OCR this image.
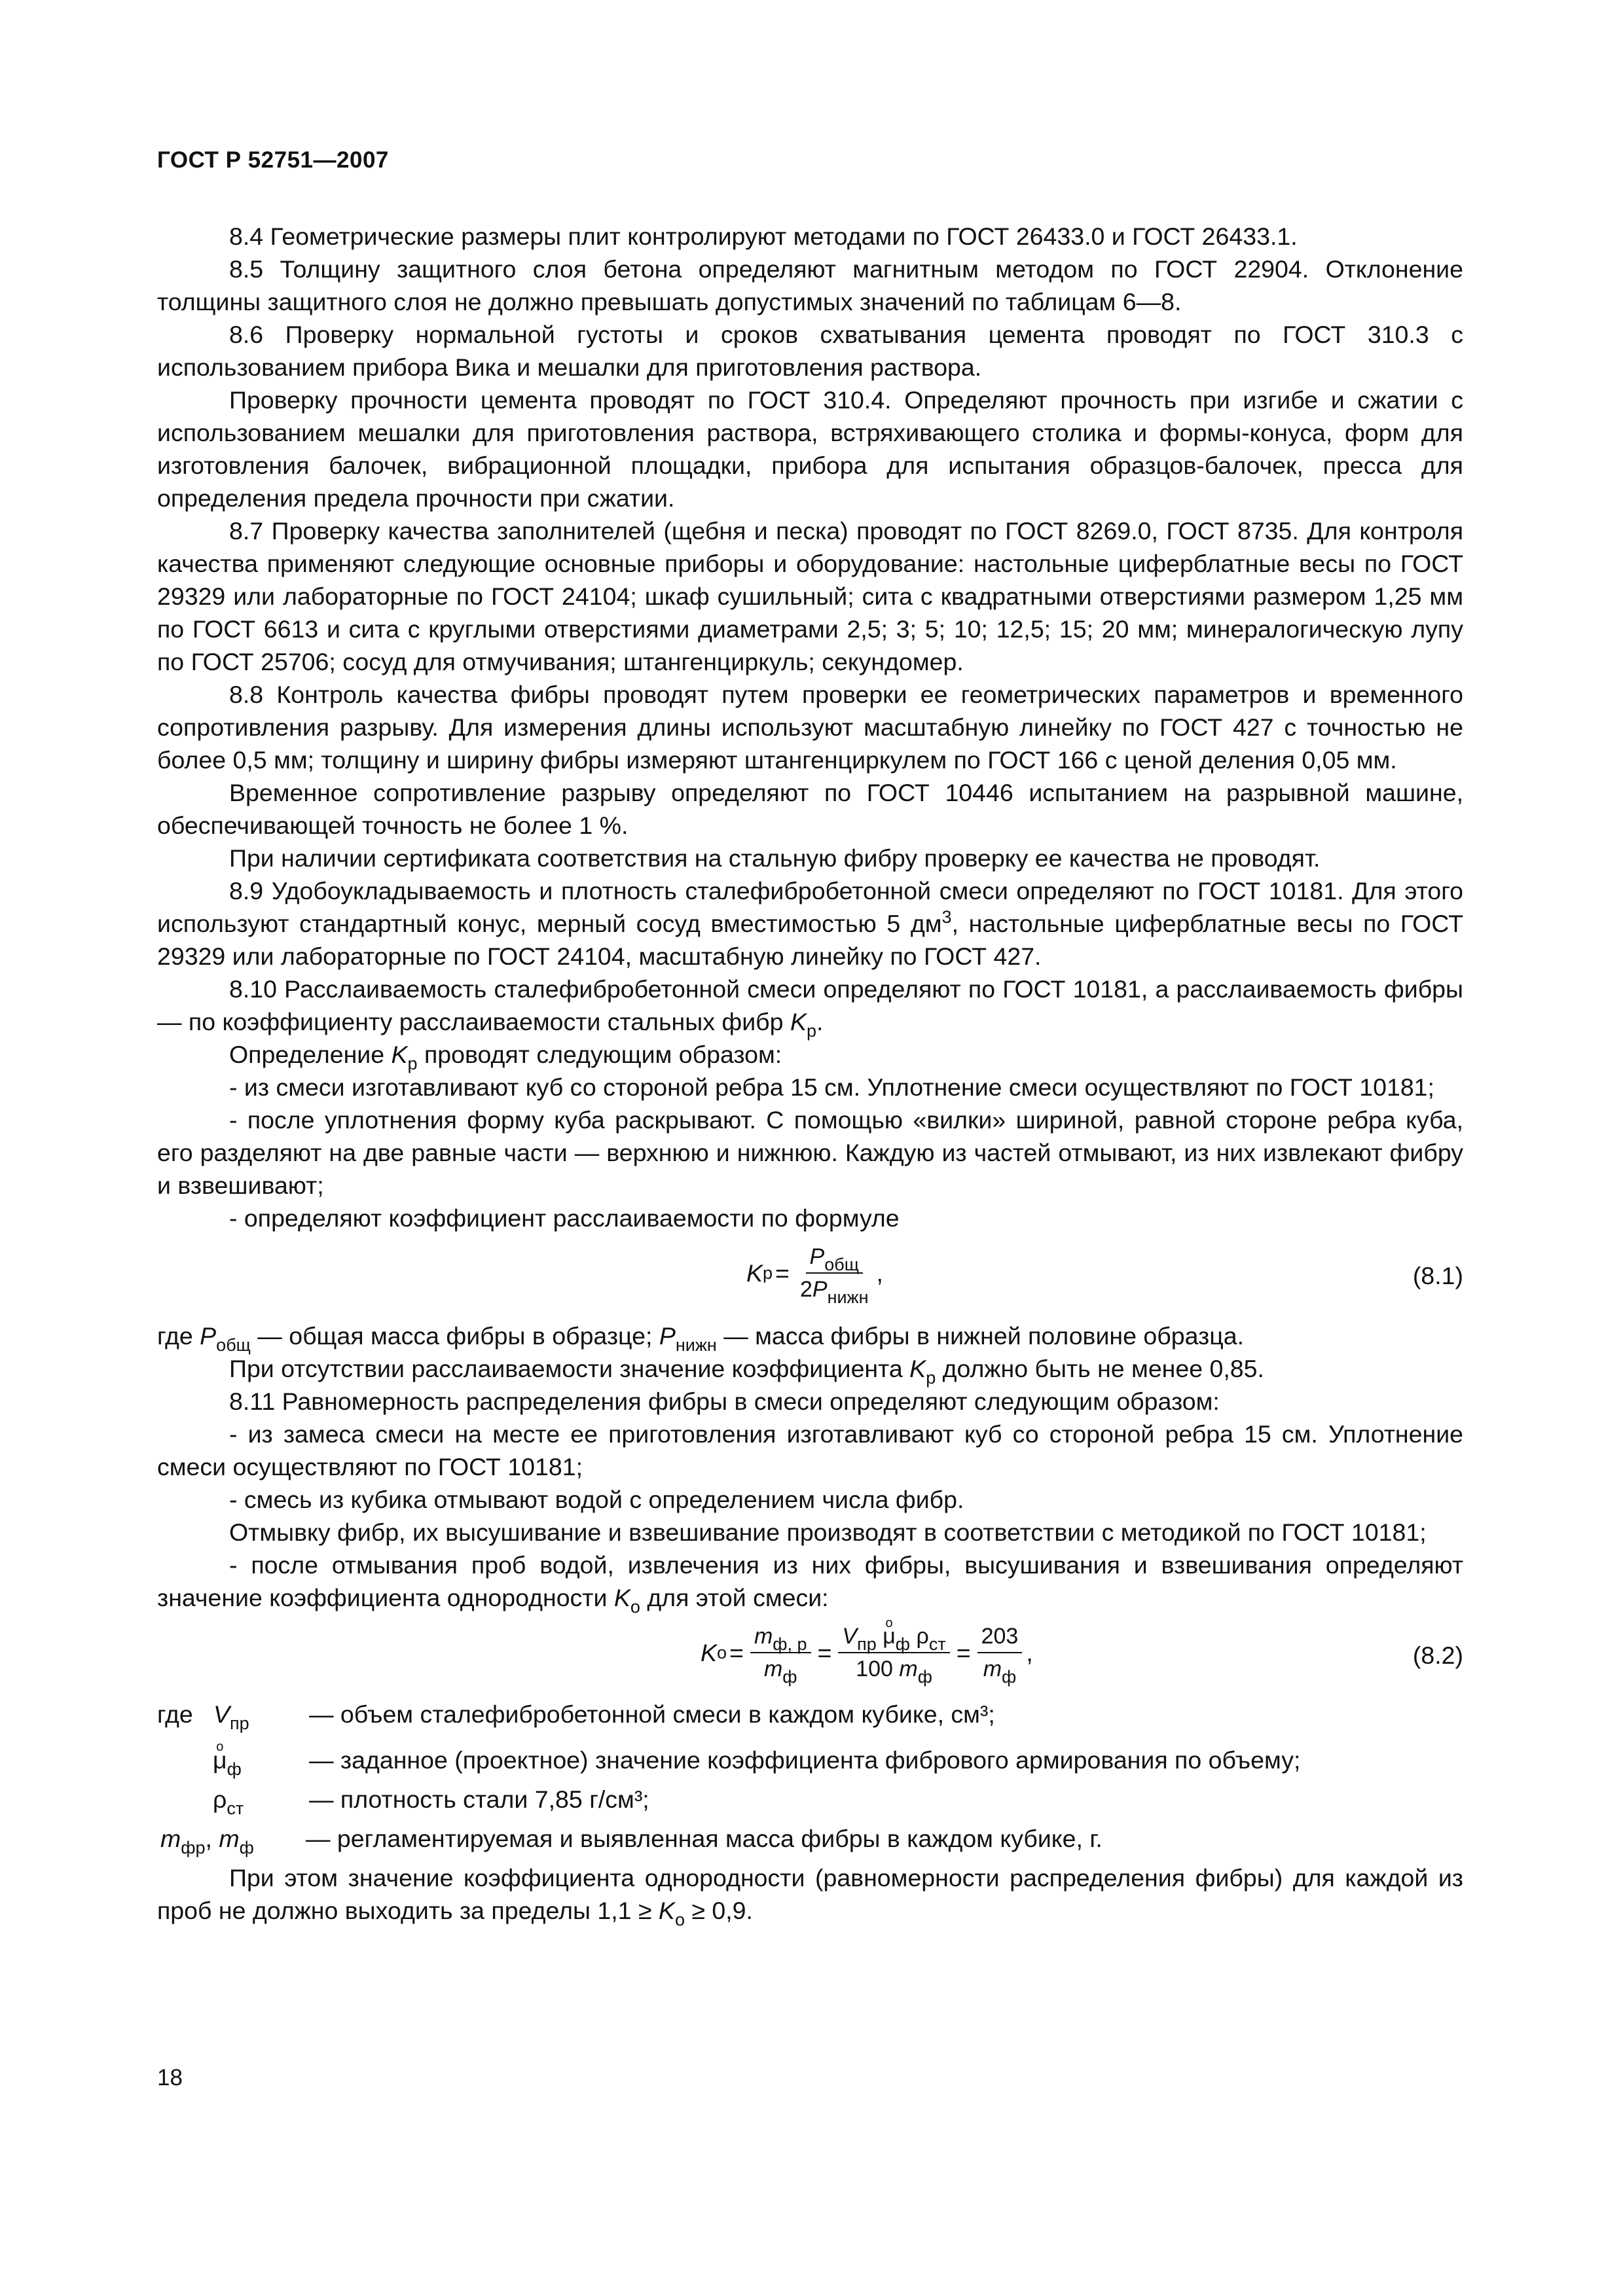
ГОСТ Р 52751—2007

8.4 Геометрические размеры плит контролируют методами по ГОСТ 26433.0 и ГОСТ 26433.1.

8.5 Толщину защитного слоя бетона определяют магнитным методом по ГОСТ 22904. Отклонение толщины защитного слоя не должно превышать допустимых значений по таблицам 6—8.

8.6 Проверку нормальной густоты и сроков схватывания цемента проводят по ГОСТ 310.3 с использованием прибора Вика и мешалки для приготовления раствора.

Проверку прочности цемента проводят по ГОСТ 310.4. Определяют прочность при изгибе и сжатии с использованием мешалки для приготовления раствора, встряхивающего столика и формы-конуса, форм для изготовления балочек, вибрационной площадки, прибора для испытания образцов-балочек, пресса для определения предела прочности при сжатии.

8.7 Проверку качества заполнителей (щебня и песка) проводят по ГОСТ 8269.0, ГОСТ 8735. Для контроля качества применяют следующие основные приборы и оборудование: настольные циферблатные весы по ГОСТ 29329 или лабораторные по ГОСТ 24104; шкаф сушильный; сита с квадратными отверстиями размером 1,25 мм по ГОСТ 6613 и сита с круглыми отверстиями диаметрами 2,5; 3; 5; 10; 12,5; 15; 20 мм; минералогическую лупу по ГОСТ 25706; сосуд для отмучивания; штангенциркуль; секундомер.

8.8 Контроль качества фибры проводят путем проверки ее геометрических параметров и временного сопротивления разрыву. Для измерения длины используют масштабную линейку по ГОСТ 427 с точностью не более 0,5 мм; толщину и ширину фибры измеряют штангенциркулем по ГОСТ 166 с ценой деления 0,05 мм.

Временное сопротивление разрыву определяют по ГОСТ 10446 испытанием на разрывной машине, обеспечивающей точность не более 1 %.

При наличии сертификата соответствия на стальную фибру проверку ее качества не проводят.

8.9 Удобоукладываемость и плотность сталефибробетонной смеси определяют по ГОСТ 10181. Для этого используют стандартный конус, мерный сосуд вместимостью 5 $дм^3$, настольные циферблатные весы по ГОСТ 29329 или лабораторные по ГОСТ 24104, масштабную линейку по ГОСТ 427.

8.10 Расслаиваемость сталефибробетонной смеси определяют по ГОСТ 10181, а расслаиваемость фибры — по коэффициенту расслаиваемости стальных фибр $K_р$.

Определение $K_р$ проводят следующим образом:

- из смеси изготавливают куб со стороной ребра 15 см. Уплотнение смеси осуществляют по ГОСТ 10181;

- после уплотнения форму куба раскрывают. С помощью «вилки» шириной, равной стороне ребра куба, его разделяют на две равные части — верхнюю и нижнюю. Каждую из частей отмывают, из них извлекают фибру и взвешивают;

- определяют коэффициент расслаиваемости по формуле

K $р = \frac{P_{общ}}{2P_{нижн}}$ ,	(8.1)

где $P_{общ}$ — общая масса фибры в образце; $P_{нижн}$ — масса фибры в нижней половине образца.

При отсутствии расслаиваемости значение коэффициента $K_р$ должно быть не менее 0,85.

8.11 Равномерность распределения фибры в смеси определяют следующим образом:

- из замеса смеси на месте ее приготовления изготавливают куб со стороной ребра 15 см. Уплотнение смеси осуществляют по ГОСТ 10181;

- смесь из кубика отмывают водой с определением числа фибр.

Отмывку фибр, их высушивание и взвешивание производят в соответствии с методикой по ГОСТ 10181;

- после отмывания проб водой, извлечения из них фибры, высушивания и взвешивания определяют значение коэффициента однородности $K_о$ для этой смеси:

K $о = \frac{m_{ф, р}}{m_ф} = \frac{V_{пр} o \mu_ф \rho_{ст}}{100 m_ф} = \frac{203}{m_ф}$ ,	(8.2)
где $V_{пр}$ — объем сталефибробетонной смеси в каждом кубике, см³;
o $\mu_ф$	— заданное (проектное) значение коэффициента фибрового армирования по объему;
$\rho_{ст}$	— плотность стали 7,85 г/см³;
$m_{фр}$, $m_ф$ — регламентируемая и выявленная масса фибры в каждом кубике, г.

При этом значение коэффициента однородности (равномерности распределения фибры) для каждой из проб не должно выходить за пределы $1,1 \ge K_о \ge 0,9$.

18
